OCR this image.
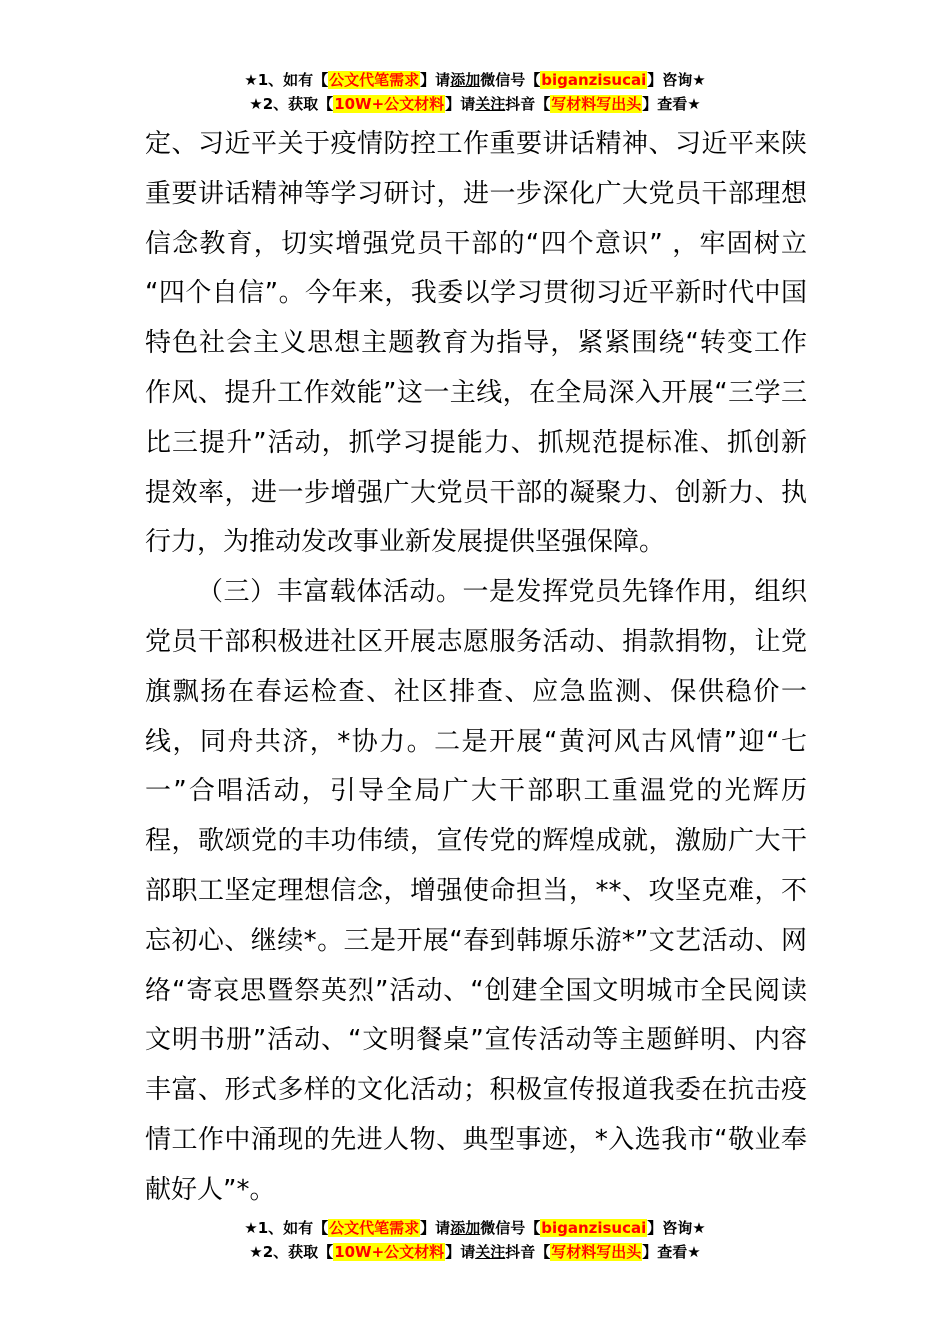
★1、如有【公文代笔需求】请添加微信号【biganzisucai】咨询★
★2、获取【10W+公文材料】请关注抖音【写材料写出头】查看★

定、习近平关于疫情防控工作重要讲话精神、习近平来陕重要讲话精神等学习研讨，进一步深化广大党员干部理想信念教育，切实增强党员干部的“四个意识” ，牢固树立 “四个自信”。今年来，我委以学习贯彻习近平新时代中国特色社会主义思想主题教育为指导，紧紧围绕“转变工作作风、提升工作效能”这一主线，在全局深入开展“三学三比三提升”活动，抓学习提能力、抓规范提标准、抓创新提效率，进一步增强广大党员干部的凝聚力、创新力、执行力，为推动发改事业新发展提供坚强保障。

（三）丰富载体活动。一是发挥党员先锋作用，组织党员干部积极进社区开展志愿服务活动、捐款捐物，让党旗飘扬在春运检查、社区排查、应急监测、保供稳价一线，同舟共济，*协力。二是开展“黄河风古风情”迎“七一”合唱活动，引导全局广大干部职工重温党的光辉历程，歌颂党的丰功伟绩，宣传党的辉煌成就，激励广大干部职工坚定理想信念，增强使命担当，**、攻坚克难，不忘初心、继续*。三是开展“春到韩塬乐游*”文艺活动、网络“寄哀思暨祭英烈”活动、“创建全国文明城市全民阅读文明书册”活动、“文明餐桌”宣传活动等主题鲜明、内容丰富、形式多样的文化活动；积极宣传报道我委在抗击疫情工作中涌现的先进人物、典型事迹，*入选我市“敬业奉献好人”*。

★1、如有【公文代笔需求】请添加微信号【biganzisucai】咨询★
★2、获取【10W+公文材料】请关注抖音【写材料写出头】查看★
